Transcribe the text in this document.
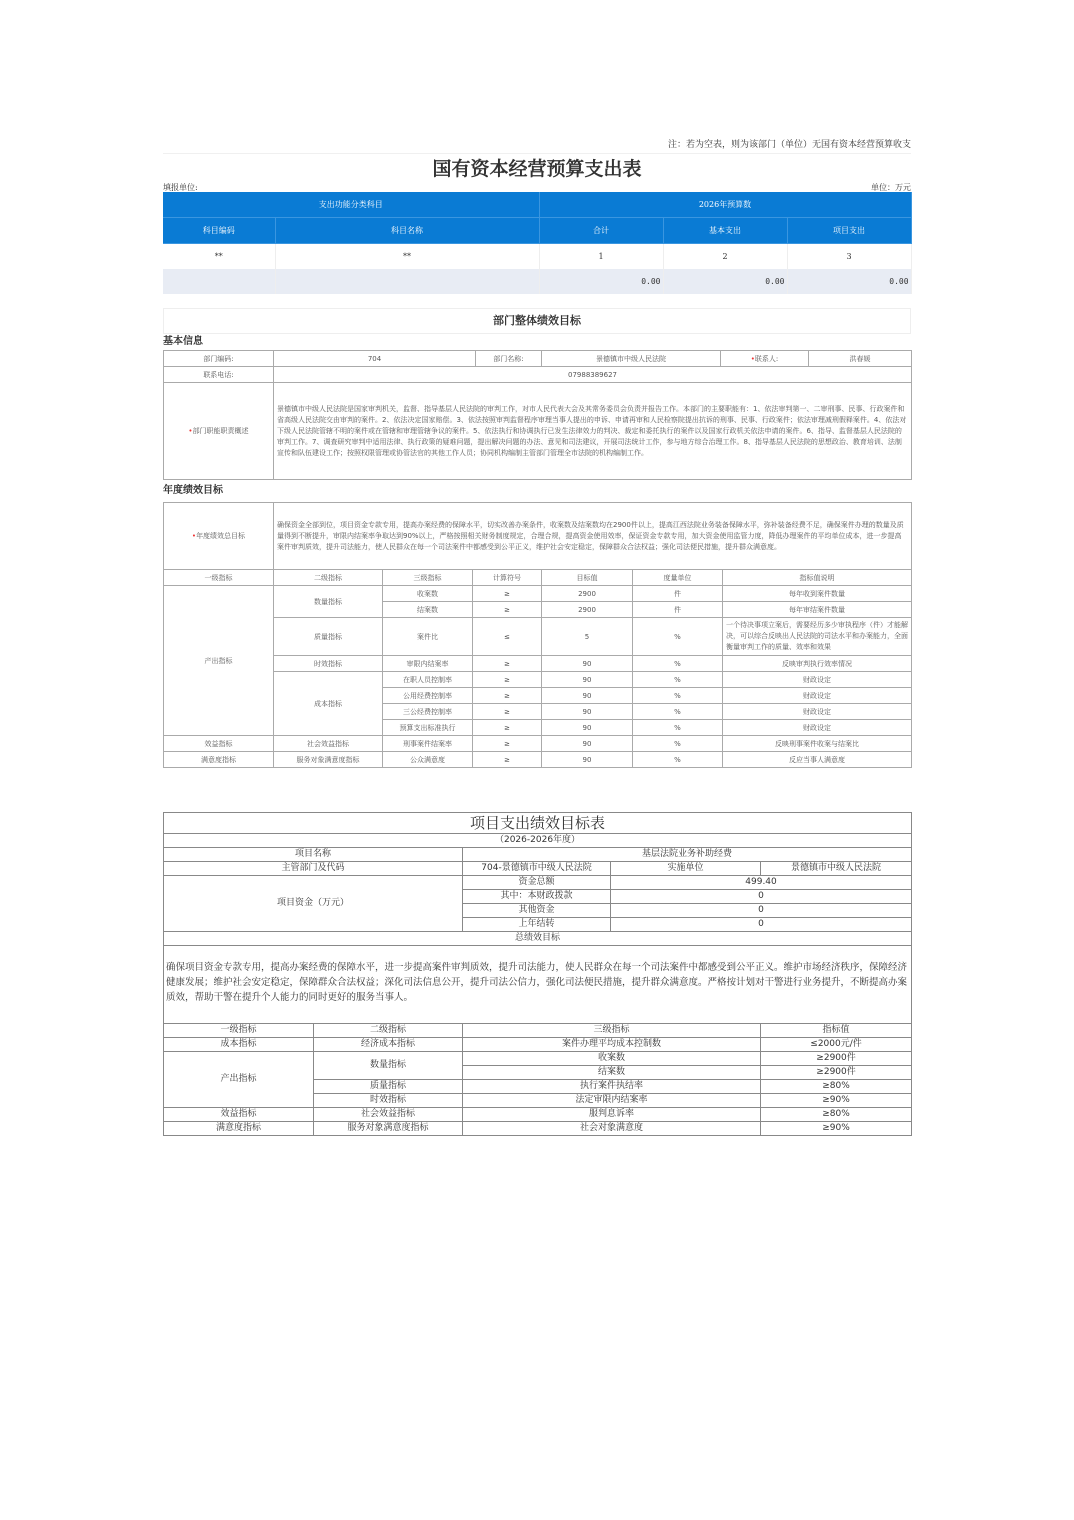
注：若为空表，则为该部门（单位）无国有资本经营预算收支
国有资本经营预算支出表
填报单位:	单位：万元
支出功能分类科目		2026年预算数		
科目编码	科目名称	合计	基本支出	项目支出
**	**	1	2	3
		0.00	0.00	0.00
部门整体绩效目标
基本信息
部门编码:	704	部门名称:	景德镇市中级人民法院	• 联系人:	洪春媛
联系电话:	07988389627				
• 部门职能职责概述	景德镇市中级人民法院是国家审判机关，监督、指导基层人民法院的审判工作，对市人民代表大会及其常务委员会负责并报告工作。本部门的主要职能有：1、依法审判第一、二审刑事、民事、行政案件和省高级人民法院交由审判的案件。2、依法决定国家赔偿。3、依法按照审判监督程序审理当事人提出的申诉、申请再审和人民检察院提出抗诉的刑事、民事、行政案件；依法审理减刑假释案件。4、依法对下级人民法院管辖不明的案件或在管辖和审理管辖争议的案件。5、依法执行和协调执行已发生法律效力的判决、裁定和委托执行的案件以及国家行政机关依法申请的案件。6、指导、监督基层人民法院的审判工作。7、调查研究审判中适用法律、执行政策的疑难问题，提出解决问题的办法、意见和司法建议，开展司法统计工作，参与地方综合治理工作。8、指导基层人民法院的思想政治、教育培训、法制宣传和队伍建设工作；按照权限管理或协管法官的其他工作人员；协同机构编制主管部门管理全市法院的机构编制工作。				
年度绩效目标
• 年度绩效总目标	确保资金全部到位，项目资金专款专用，提高办案经费的保障水平，切实改善办案条件，收案数及结案数均在2900件以上，提高江西法院业务装备保障水平，弥补装备经费不足，确保案件办理的数量及质量得到不断提升，审限内结案率争取达到90%以上，严格按照相关财务制度规定，合理合规，提高资金使用效率，保证资金专款专用，加大资金使用监管力度，降低办理案件的平均单位成本，进一步提高案件审判质效，提升司法能力，使人民群众在每一个司法案件中都感受到公平正义，维护社会安定稳定，保障群众合法权益；强化司法便民措施，提升群众满意度。					
一级指标	二级指标	三级指标	计算符号	目标值	度量单位	指标值说明
产出指标	数量指标	收案数	≥	2900	件	每年收到案件数量
		结案数	≥	2900	件	每年审结案件数量
	质量指标	案件比	≤	5	%	一个待决事项立案后，需要经历多少审执程序（件）才能解决，可以综合反映出人民法院的司法水平和办案能力，全面衡量审判工作的质量、效率和效果
	时效指标	审限内结案率	≥	90	%	反映审判执行效率情况
	成本指标	在职人员控制率	≥	90	%	财政设定
		公用经费控制率	≥	90	%	财政设定
		三公经费控制率	≥	90	%	财政设定
		预算支出标准执行	≥	90	%	财政设定
效益指标	社会效益指标	刑事案件结案率	≥	90	%	反映刑事案件收案与结案比
满意度指标	服务对象满意度指标	公众满意度	≥	90	%	反应当事人满意度
项目支出绩效目标表				
（2026-2026年度）				
项目名称		基层法院业务补助经费		
主管部门及代码		704-景德镇市中级人民法院	实施单位	景德镇市中级人民法院
项目资金（万元）		资金总额	499.40	
		其中：本财政拨款	0	
		其他资金	0	
		上年结转	0	
总绩效目标				
确保项目资金专款专用，提高办案经费的保障水平，进一步提高案件审判质效，提升司法能力，使人民群众在每一个司法案件中都感受到公平正义。维护市场经济秩序，保障经济健康发展；维护社会安定稳定，保障群众合法权益；深化司法信息公开，提升司法公信力，强化司法便民措施，提升群众满意度。严格按计划对干警进行业务提升，不断提高办案质效，帮助干警在提升个人能力的同时更好的服务当事人。				
一级指标	二级指标	三级指标		指标值
成本指标	经济成本指标	案件办理平均成本控制数		≤2000元/件
产出指标	数量指标	收案数		≥2900件
		结案数		≥2900件
	质量指标	执行案件执结率		≥80%
	时效指标	法定审限内结案率		≥90%
效益指标	社会效益指标	服判息诉率		≥80%
满意度指标	服务对象满意度指标	社会对象满意度		≥90%
